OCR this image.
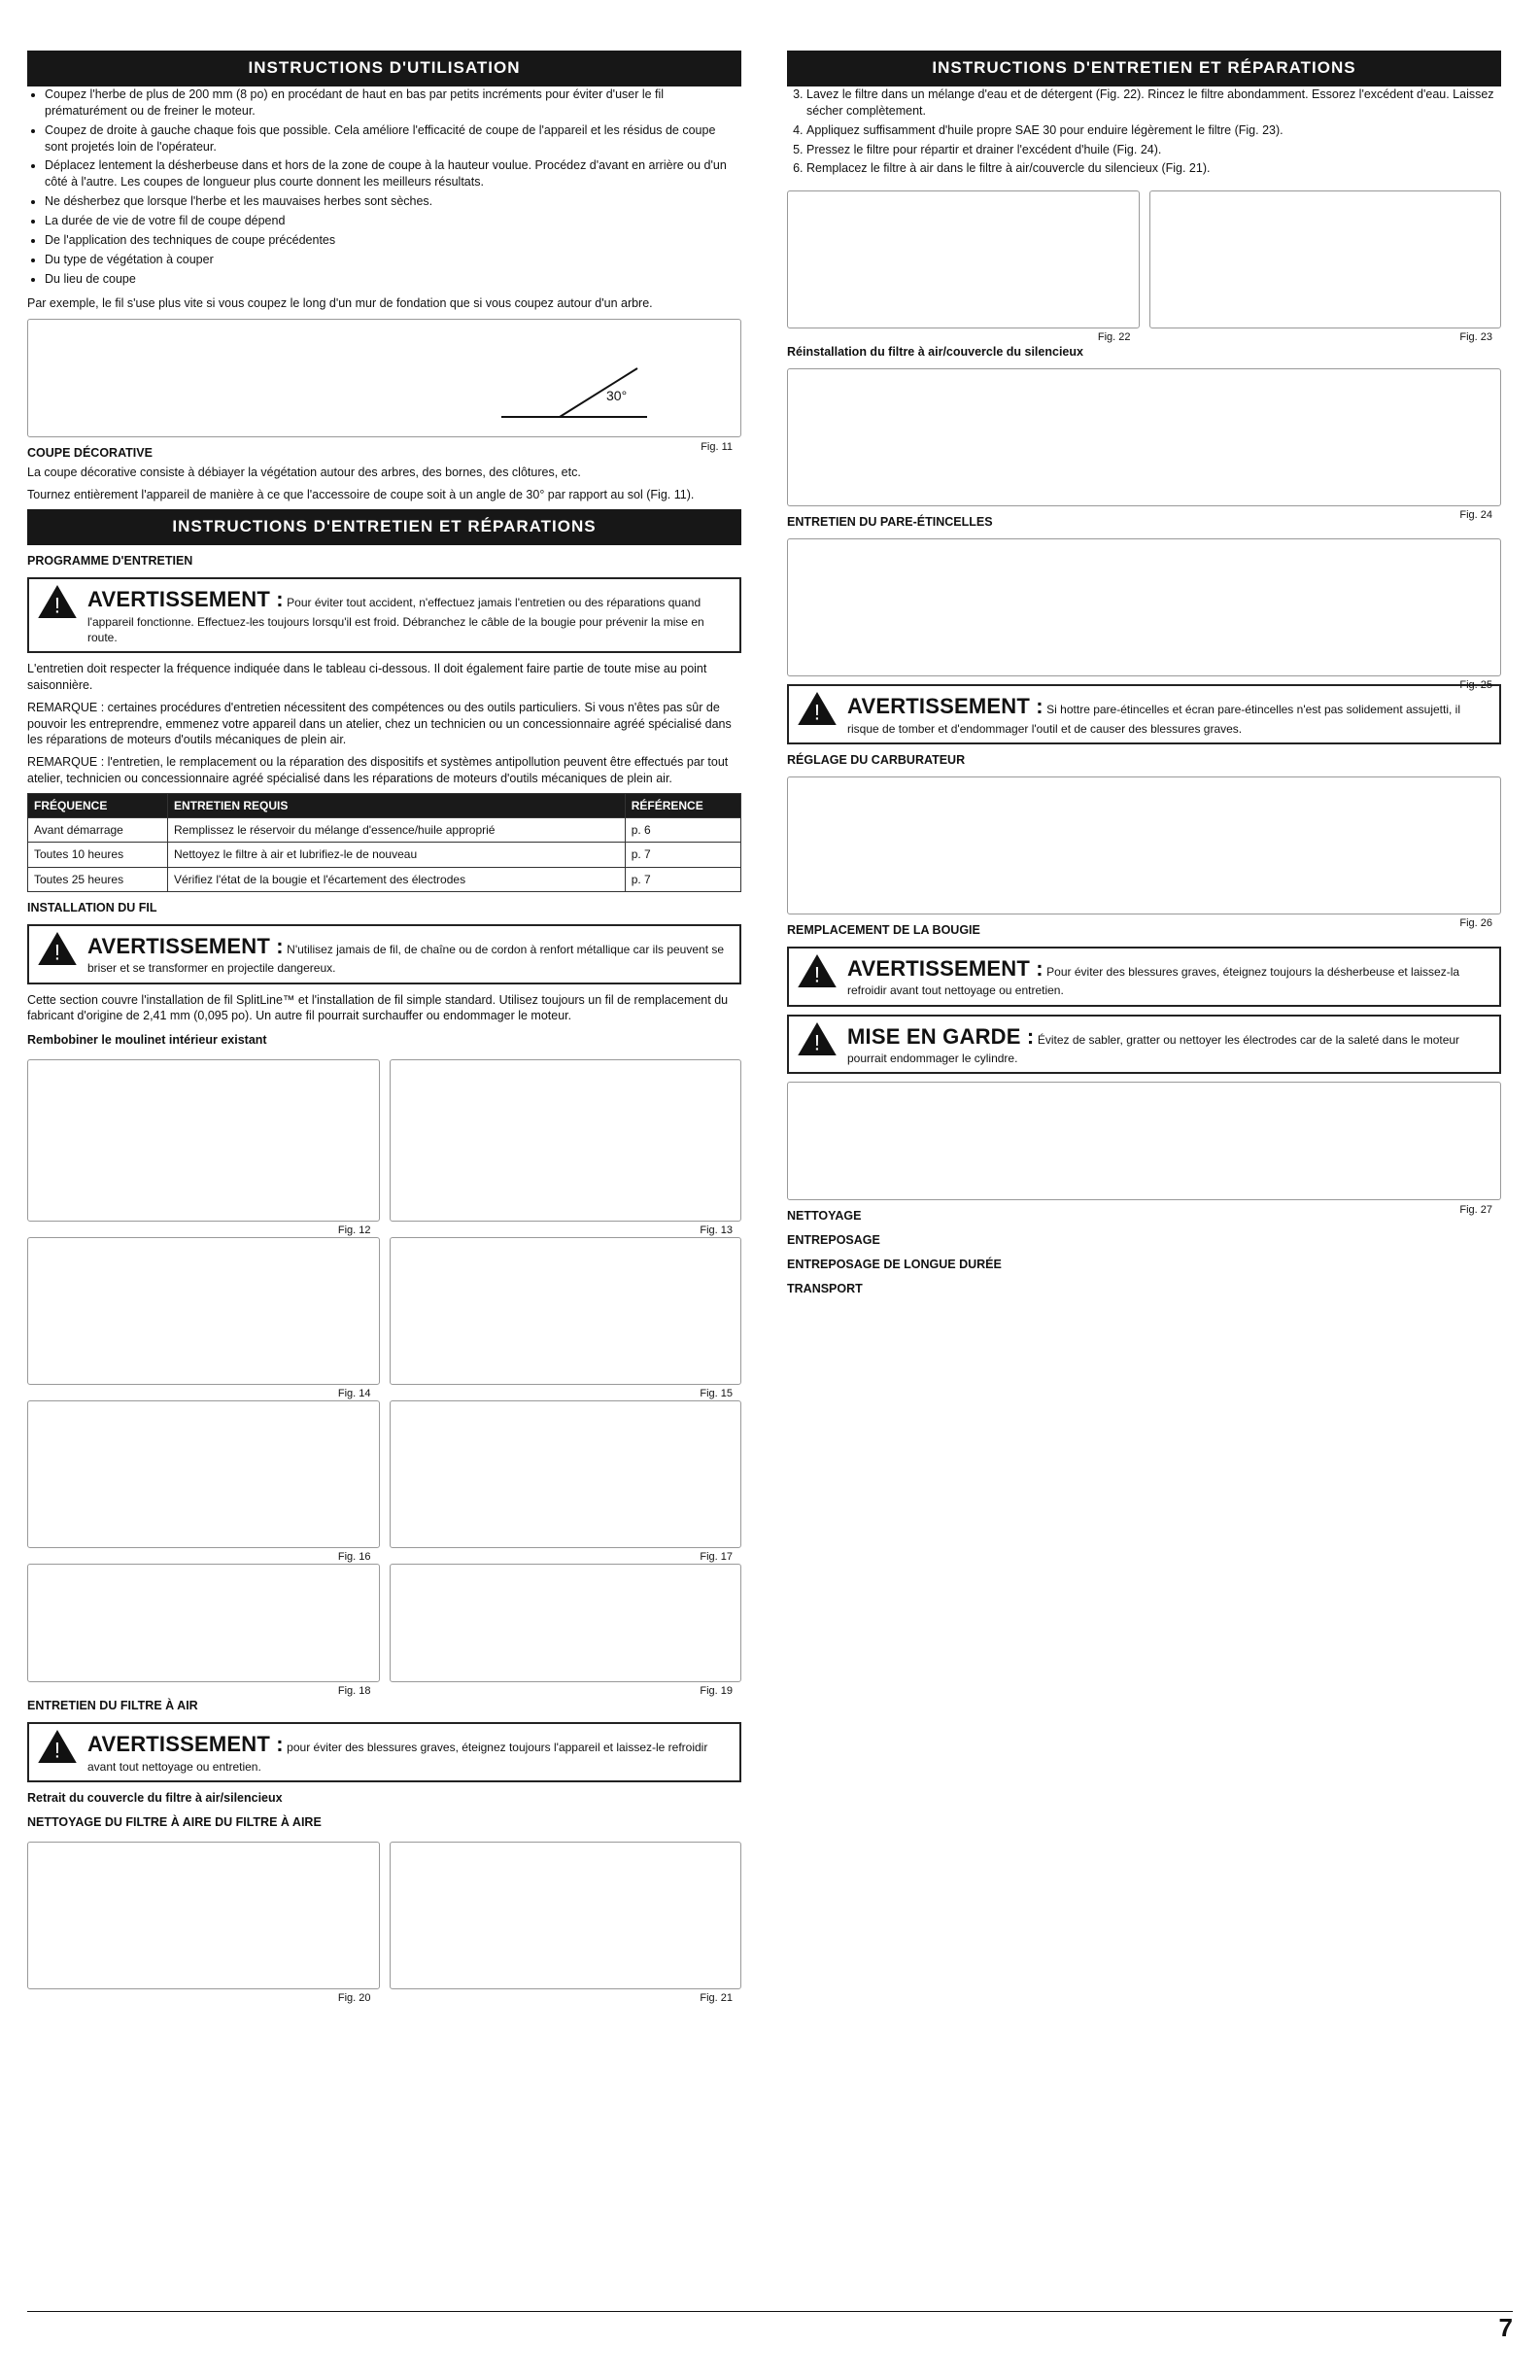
INSTRUCTIONS D'UTILISATION
• Coupez l'herbe de plus de 200 mm (8 po) en procédant de haut en bas par petits incréments pour éviter d'user le fil prématurément ou de freiner le moteur.
• Coupez de droite à gauche chaque fois que possible. Cela améliore l'efficacité de coupe de l'appareil et les résidus de coupe sont projetés loin de l'opérateur.
• Déplacez lentement la désherbeuse dans et hors de la zone de coupe à la hauteur voulue. Procédez d'avant en arrière ou d'un côté à l'autre. Les coupes de longueur plus courte donnent les meilleurs résultats.
• Ne désherbez que lorsque l'herbe et les mauvaises herbes sont sèches.
• La durée de vie de votre fil de coupe dépend
• De l'application des techniques de coupe précédentes
• Du type de végétation à couper
• Du lieu de coupe
Par exemple, le fil s'use plus vite si vous coupez le long d'un mur de fondation que si vous coupez autour d'un arbre.
30°
Fig. 11
COUPE DÉCORATIVE
La coupe décorative consiste à débiayer la végétation autour des arbres, des bornes, des clôtures, etc.
Tournez entièrement l'appareil de manière à ce que l'accessoire de coupe soit à un angle de 30° par rapport au sol (Fig. 11).
INSTRUCTIONS D'ENTRETIEN ET RÉPARATIONS
PROGRAMME D'ENTRETIEN
! AVERTISSEMENT : Pour éviter tout accident, n'effectuez jamais l'entretien ou des réparations quand l'appareil fonctionne. Effectuez-les toujours lorsqu'il est froid. Débranchez le câble de la bougie pour prévenir la mise en route.
L'entretien doit respecter la fréquence indiquée dans le tableau ci-dessous. Il doit également faire partie de toute mise au point saisonnière.
REMARQUE : certaines procédures d'entretien nécessitent des compétences ou des outils particuliers. Si vous n'êtes pas sûr de pouvoir les entreprendre, emmenez votre appareil dans un atelier, chez un technicien ou un concessionnaire agréé spécialisé dans les réparations de moteurs d'outils mécaniques de plein air.
REMARQUE : l'entretien, le remplacement ou la réparation des dispositifs et systèmes antipollution peuvent être effectués par tout atelier, technicien ou concessionnaire agréé spécialisé dans les réparations de moteurs d'outils mécaniques de plein air.
FRÉQUENCE	ENTRETIEN REQUIS	RÉFÉRENCE
Avant démarrage	Remplissez le réservoir du mélange d'essence/huile approprié	p. 6
Toutes 10 heures	Nettoyez le filtre à air et lubrifiez-le de nouveau	p. 7
Toutes 25 heures	Vérifiez l'état de la bougie et l'écartement des électrodes	p. 7
INSTALLATION DU FIL
! AVERTISSEMENT : N'utilisez jamais de fil, de chaîne ou de cordon à renfort métallique car ils peuvent se briser et se transformer en projectile dangereux.
Cette section couvre l'installation de fil SplitLine™ et l'installation de fil simple standard. Utilisez toujours un fil de remplacement du fabricant d'origine de 2,41 mm (0,095 po). Un autre fil pourrait surchauffer ou endommager le moteur.
Rembobiner le moulinet intérieur existant
Fig. 12	Fig. 13
Fig. 14	Fig. 15
Fig. 16	Fig. 17
Fig. 18	Fig. 19
ENTRETIEN DU FILTRE À AIR
! AVERTISSEMENT : pour éviter des blessures graves, éteignez toujours l'appareil et laissez-le refroidir avant tout nettoyage ou entretien.
Retrait du couvercle du filtre à air/silencieux
NETTOYAGE DU FILTRE À AIRE DU FILTRE À AIRE
Fig. 20	Fig. 21
INSTRUCTIONS D'ENTRETIEN ET RÉPARATIONS
3. Lavez le filtre dans un mélange d'eau et de détergent (Fig. 22). Rincez le filtre abondamment. Essorez l'excédent d'eau. Laissez sécher complètement.
4. Appliquez suffisamment d'huile propre SAE 30 pour enduire légèrement le filtre (Fig. 23).
5. Pressez le filtre pour répartir et drainer l'excédent d'huile (Fig. 24).
6. Remplacez le filtre à air dans le filtre à air/couvercle du silencieux (Fig. 21).
Fig. 22	Fig. 23
Réinstallation du filtre à air/couvercle du silencieux
Fig. 24
ENTRETIEN DU PARE-ÉTINCELLES
Fig. 25
! AVERTISSEMENT : Si hottre pare-étincelles et écran pare-étincelles n'est pas solidement assujetti, il risque de tomber et d'endommager l'outil et de causer des blessures graves.
RÉGLAGE DU CARBURATEUR
Fig. 26
REMPLACEMENT DE LA BOUGIE
! AVERTISSEMENT : Pour éviter des blessures graves, éteignez toujours la désherbeuse et laissez-la refroidir avant tout nettoyage ou entretien.
! MISE EN GARDE : Évitez de sabler, gratter ou nettoyer les électrodes car de la saleté dans le moteur pourrait endommager le cylindre.
Fig. 27
NETTOYAGE
ENTREPOSAGE
ENTREPOSAGE DE LONGUE DURÉE
TRANSPORT
7
